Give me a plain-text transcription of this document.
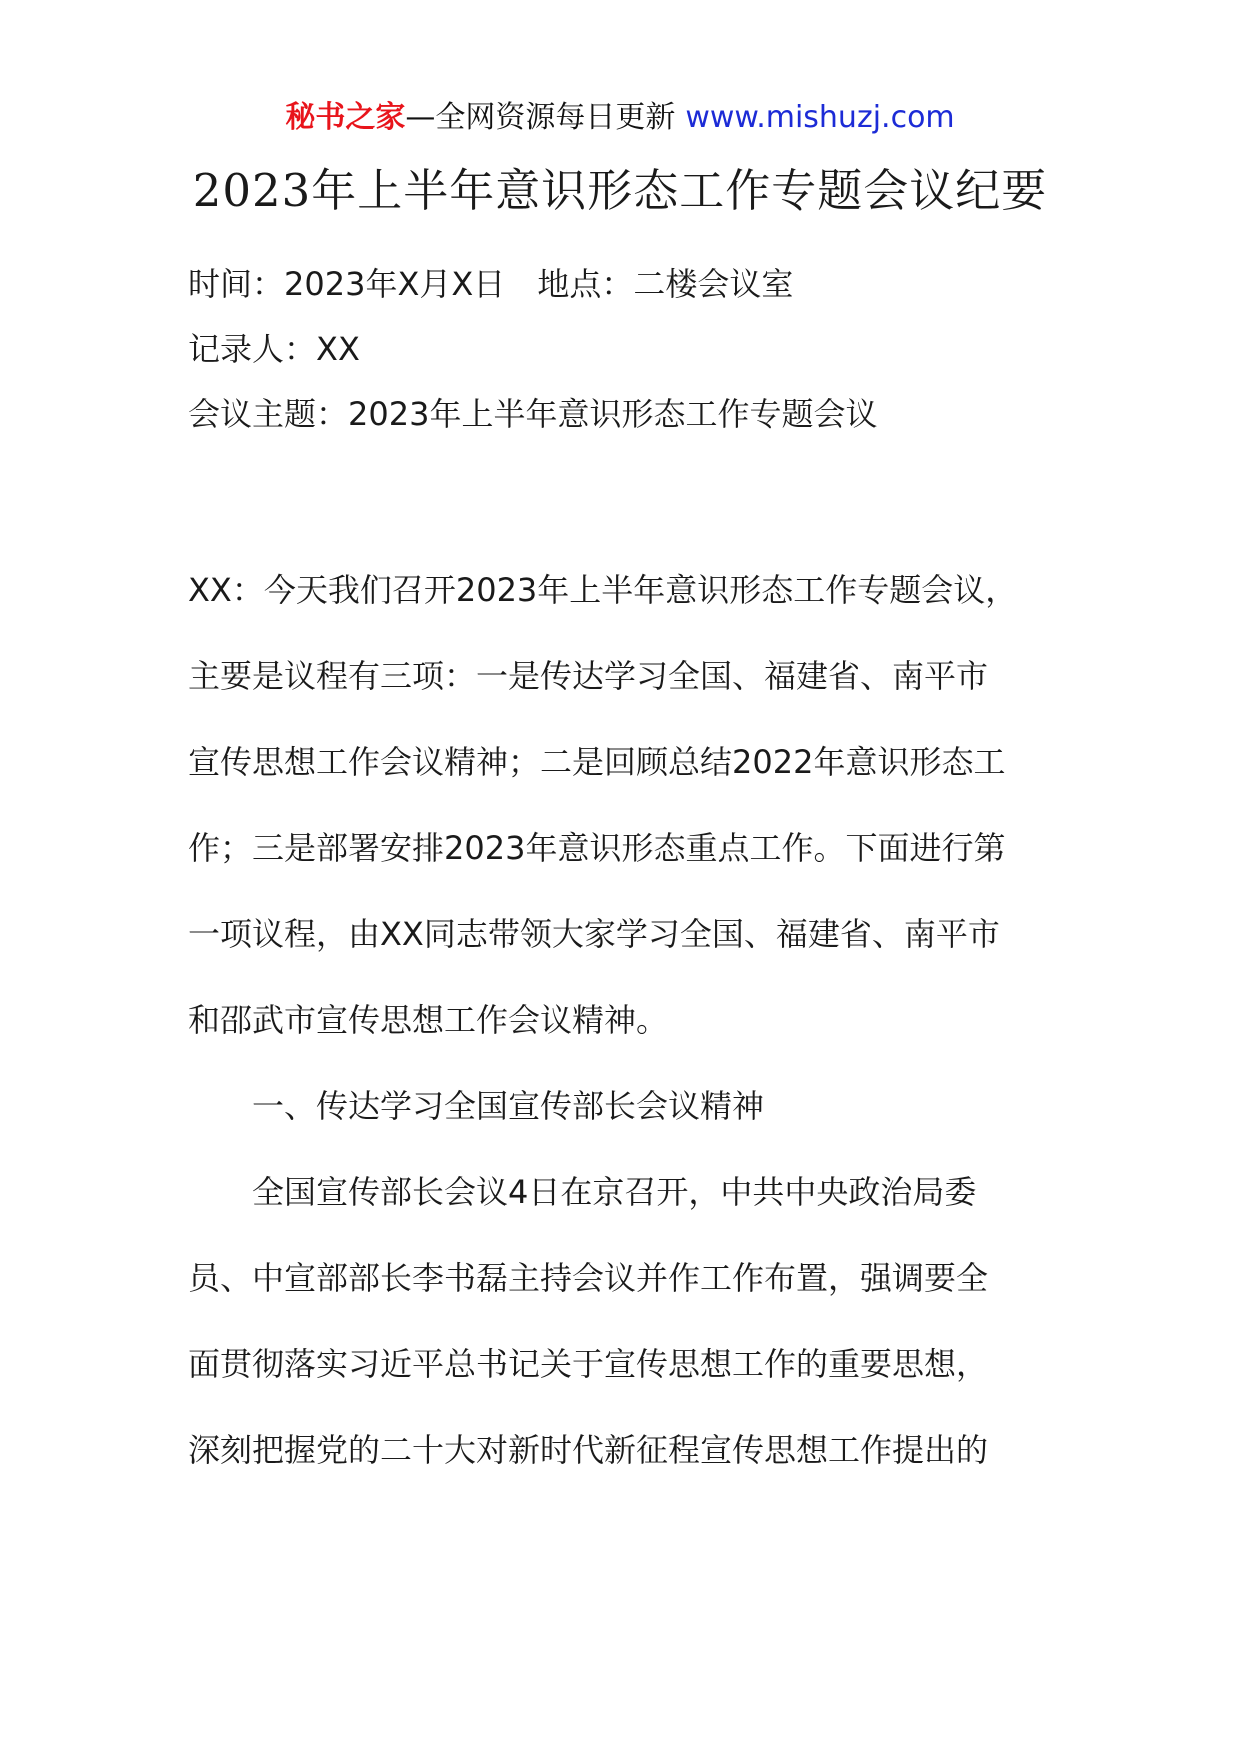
秘书之家—全网资源每日更新 www.mishuzj.com
2023年上半年意识形态工作专题会议纪要
时间：2023年X月X日 地点：二楼会议室
记录人：XX
会议主题：2023年上半年意识形态工作专题会议
XX：今天我们召开2023年上半年意识形态工作专题会议，
主要是议程有三项：一是传达学习全国、福建省、南平市
宣传思想工作会议精神；二是回顾总结2022年意识形态工
作；三是部署安排2023年意识形态重点工作。下面进行第
一项议程，由XX同志带领大家学习全国、福建省、南平市
和邵武市宣传思想工作会议精神。
一、传达学习全国宣传部长会议精神
全国宣传部长会议4日在京召开，中共中央政治局委
员、中宣部部长李书磊主持会议并作工作布置，强调要全
面贯彻落实习近平总书记关于宣传思想工作的重要思想，
深刻把握党的二十大对新时代新征程宣传思想工作提出的
